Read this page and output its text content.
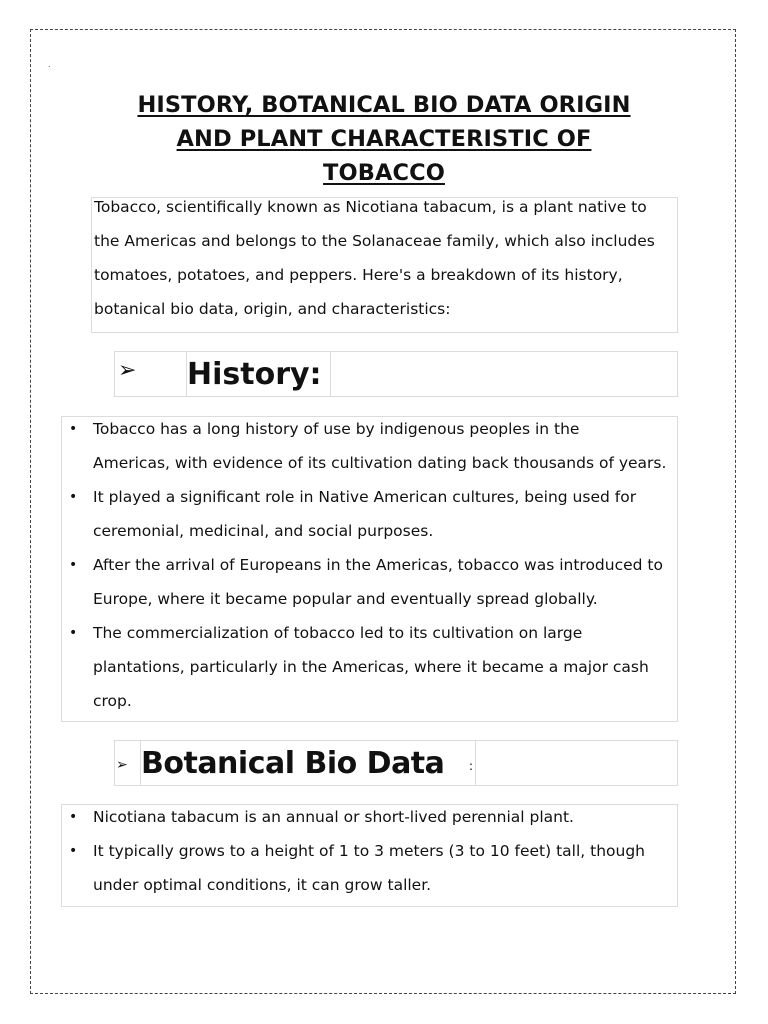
.
HISTORY, BOTANICAL BIO DATA ORIGIN
AND PLANT CHARACTERISTIC OF
TOBACCO

Tobacco, scientifically known as Nicotiana tabacum, is a plant native to
the Americas and belongs to the Solanaceae family, which also includes
tomatoes, potatoes, and peppers. Here's a breakdown of its history,
botanical bio data, origin, and characteristics:

➢ History:
• Tobacco has a long history of use by indigenous peoples in the
Americas, with evidence of its cultivation dating back thousands of years.
• It played a significant role in Native American cultures, being used for
ceremonial, medicinal, and social purposes.
• After the arrival of Europeans in the Americas, tobacco was introduced to
Europe, where it became popular and eventually spread globally.
• The commercialization of tobacco led to its cultivation on large
plantations, particularly in the Americas, where it became a major cash
crop.
➢ Botanical Bio Data :
• Nicotiana tabacum is an annual or short-lived perennial plant.
• It typically grows to a height of 1 to 3 meters (3 to 10 feet) tall, though
under optimal conditions, it can grow taller.
